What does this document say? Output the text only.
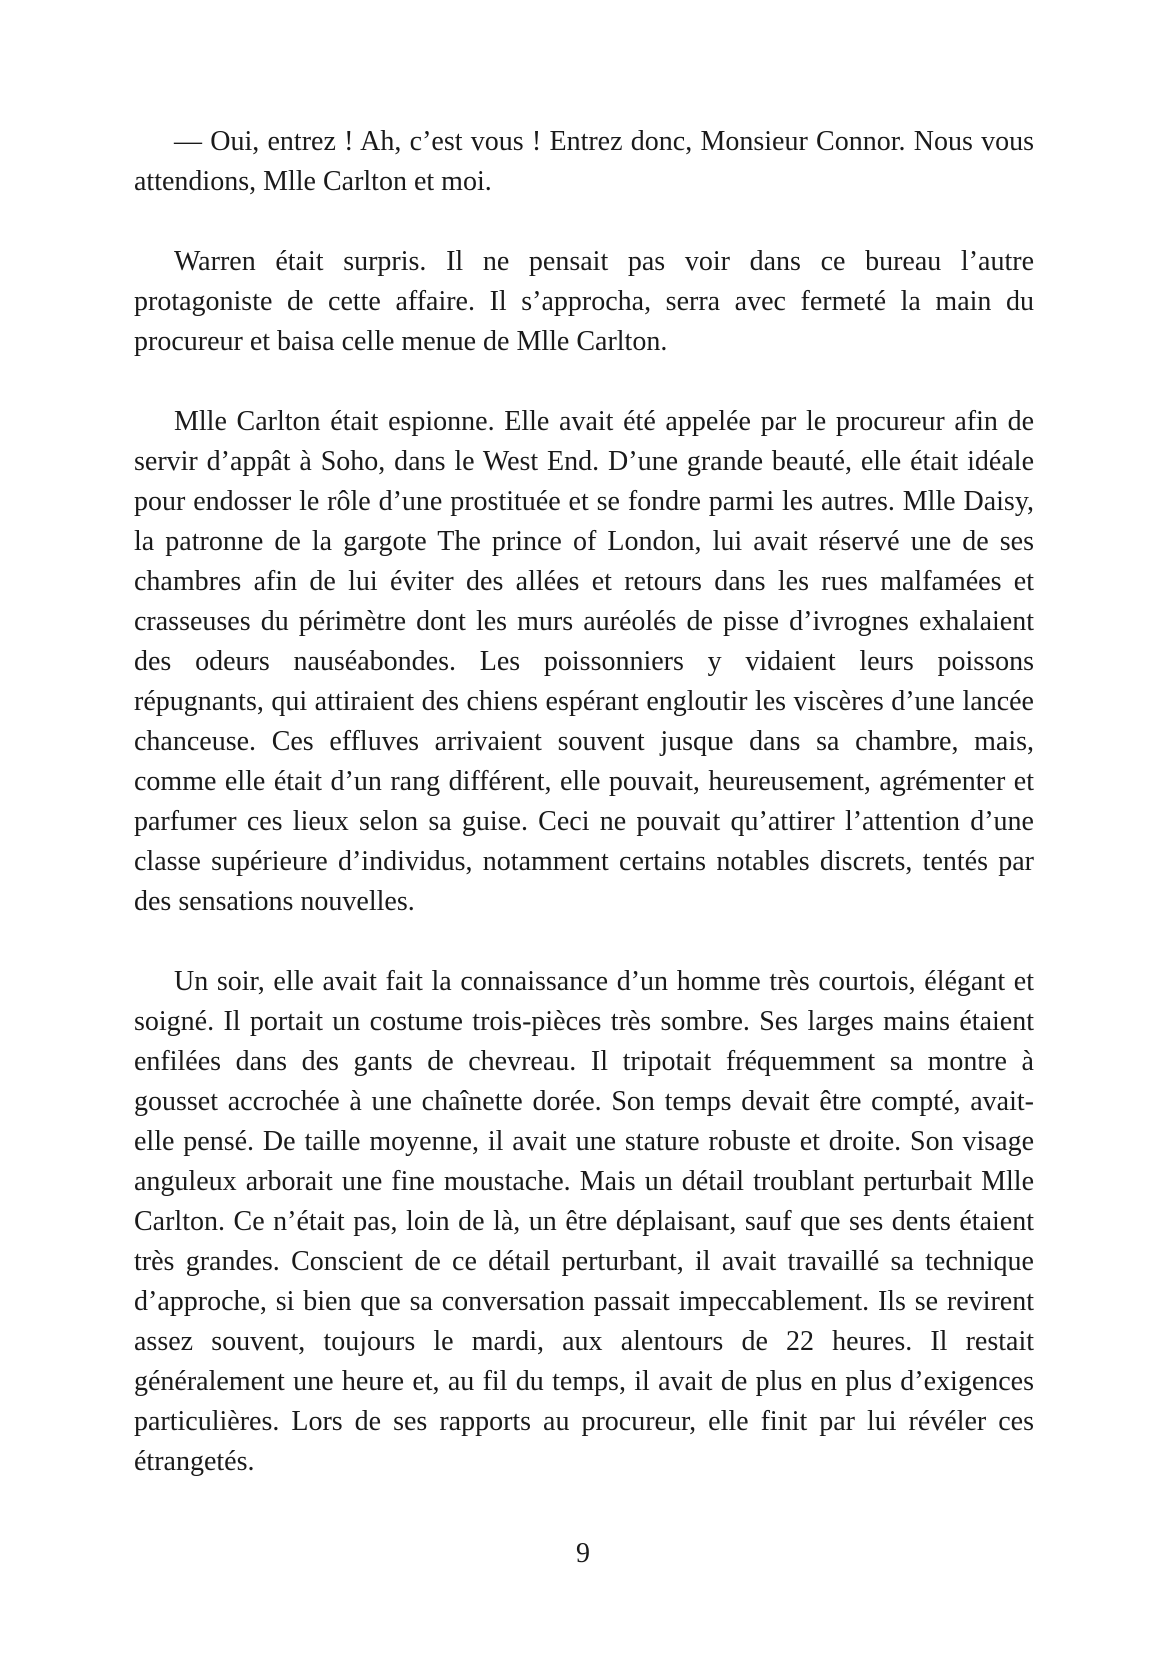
— Oui, entrez ! Ah, c’est vous ! Entrez donc, Monsieur Connor. Nous vous attendions, Mlle Carlton et moi.

Warren était surpris. Il ne pensait pas voir dans ce bureau l’autre protagoniste de cette affaire. Il s’approcha, serra avec fermeté la main du procureur et baisa celle menue de Mlle Carlton.

Mlle Carlton était espionne. Elle avait été appelée par le procureur afin de servir d’appât à Soho, dans le West End. D’une grande beauté, elle était idéale pour endosser le rôle d’une prostituée et se fondre parmi les autres. Mlle Daisy, la patronne de la gargote The prince of London, lui avait réservé une de ses chambres afin de lui éviter des allées et retours dans les rues malfamées et crasseuses du périmètre dont les murs auréolés de pisse d’ivrognes exhalaient des odeurs nauséabondes. Les poissonniers y vidaient leurs poissons répugnants, qui attiraient des chiens espérant engloutir les viscères d’une lancée chanceuse. Ces effluves arrivaient souvent jusque dans sa chambre, mais, comme elle était d’un rang différent, elle pouvait, heureusement, agrémenter et parfumer ces lieux selon sa guise. Ceci ne pouvait qu’attirer l’attention d’une classe supérieure d’individus, notamment certains notables discrets, tentés par des sensations nouvelles.

Un soir, elle avait fait la connaissance d’un homme très courtois, élégant et soigné. Il portait un costume trois-pièces très sombre. Ses larges mains étaient enfilées dans des gants de chevreau. Il tripotait fréquemment sa montre à gousset accrochée à une chaînette dorée. Son temps devait être compté, avait-elle pensé. De taille moyenne, il avait une stature robuste et droite. Son visage anguleux arborait une fine moustache. Mais un détail troublant perturbait Mlle Carlton. Ce n’était pas, loin de là, un être déplaisant, sauf que ses dents étaient très grandes. Conscient de ce détail perturbant, il avait travaillé sa technique d’approche, si bien que sa conversation passait impeccablement. Ils se revirent assez souvent, toujours le mardi, aux alentours de 22 heures. Il restait généralement une heure et, au fil du temps, il avait de plus en plus d’exigences particulières. Lors de ses rapports au procureur, elle finit par lui révéler ces étrangetés.

9
